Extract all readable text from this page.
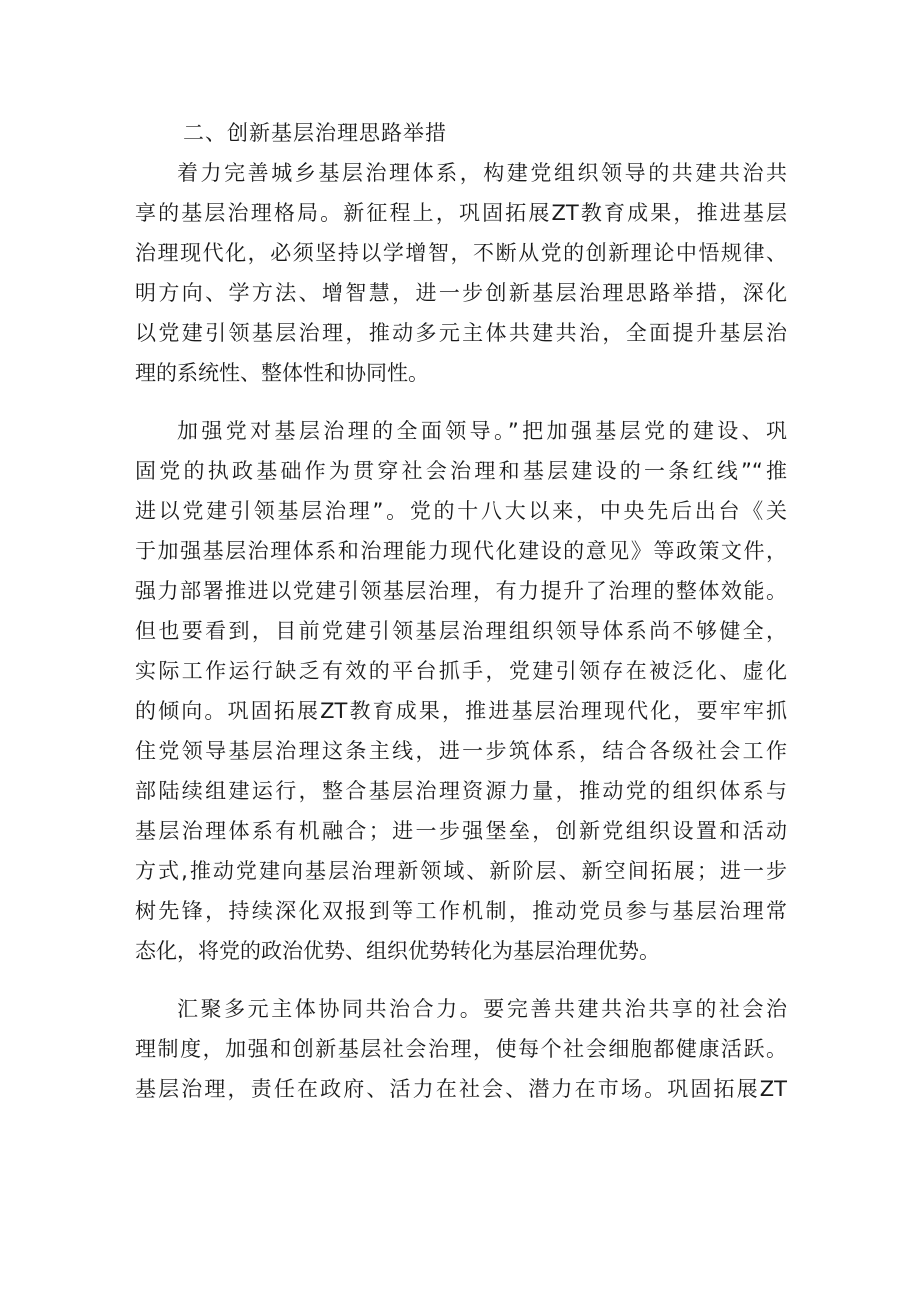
二、创新基层治理思路举措
着力完善城乡基层治理体系，构建党组织领导的共建共治共
享的基层治理格局。新征程上，巩固拓展ZT教育成果，推进基层
治理现代化，必须坚持以学增智，不断从党的创新理论中悟规律、
明方向、学方法、增智慧，进一步创新基层治理思路举措，深化
以党建引领基层治理，推动多元主体共建共治，全面提升基层治
理的系统性、整体性和协同性。
加强党对基层治理的全面领导。”把加强基层党的建设、巩
固党的执政基础作为贯穿社会治理和基层建设的一条红线”“推
进以党建引领基层治理”。党的十八大以来，中央先后出台《关
于加强基层治理体系和治理能力现代化建设的意见》等政策文件，
强力部署推进以党建引领基层治理，有力提升了治理的整体效能。
但也要看到，目前党建引领基层治理组织领导体系尚不够健全，
实际工作运行缺乏有效的平台抓手，党建引领存在被泛化、虚化
的倾向。巩固拓展ZT教育成果，推进基层治理现代化，要牢牢抓
住党领导基层治理这条主线，进一步筑体系，结合各级社会工作
部陆续组建运行，整合基层治理资源力量，推动党的组织体系与
基层治理体系有机融合；进一步强堡垒，创新党组织设置和活动
方式,推动党建向基层治理新领域、新阶层、新空间拓展；进一步
树先锋，持续深化双报到等工作机制，推动党员参与基层治理常
态化，将党的政治优势、组织优势转化为基层治理优势。
汇聚多元主体协同共治合力。要完善共建共治共享的社会治
理制度，加强和创新基层社会治理，使每个社会细胞都健康活跃。
基层治理，责任在政府、活力在社会、潜力在市场。巩固拓展ZT
